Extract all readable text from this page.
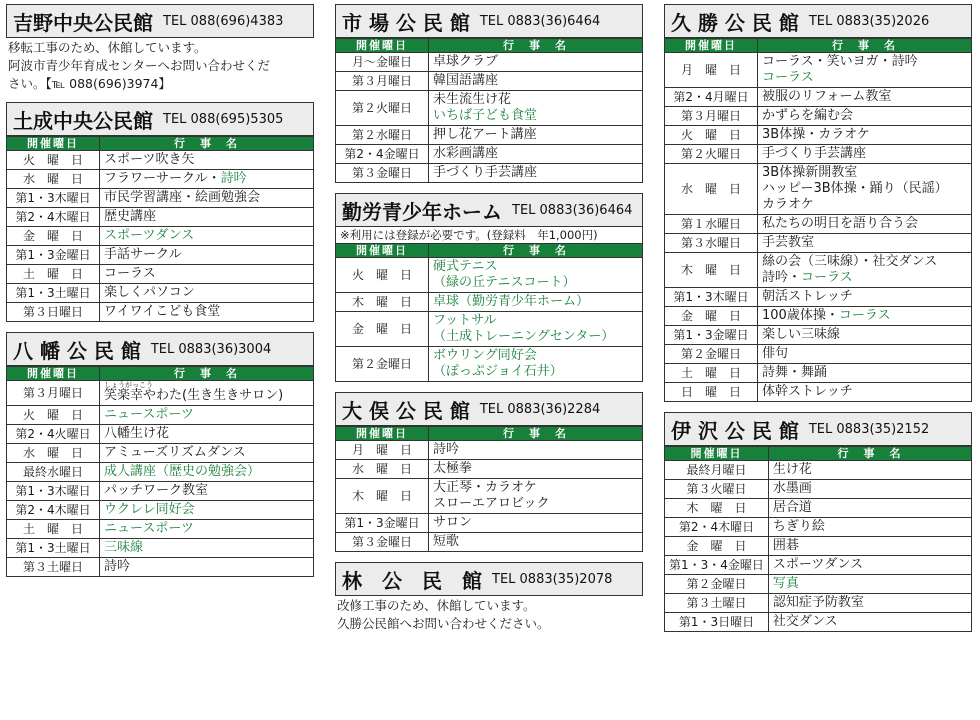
吉野中央公民館 TEL 088(696)4383
移転工事のため、休館しています。
阿波市青少年育成センターへお問い合わせくだ
さい。【℡ 088(696)3974】
土成中央公民館 TEL 088(695)5305
開催曜日	行　事　名
火　曜　日	スポーツ吹き矢

水　曜　日	フラワーサークル・詩吟

第1・3木曜日	市民学習講座・絵画勉強会

第2・4木曜日	歴史講座

金　曜　日	スポーツダンス

第1・3金曜日	手話サークル

土　曜　日	コーラス

第1・3土曜日	楽しくパソコン

第３日曜日	ワイワイこども食堂
八 幡 公 民 館 TEL 0883(36)3004
開催曜日	行　事　名
第３月曜日	しょうがっこう
笑楽幸やわた(生き生きサロン)

火　曜　日	ニュースポーツ

第2・4火曜日	八幡生け花

水　曜　日	アミューズリズムダンス

最終水曜日	成人講座（歴史の勉強会）

第1・3木曜日	パッチワーク教室

第2・4木曜日	ウクレレ同好会

土　曜　日	ニュースポーツ

第1・3土曜日	三味線

第３土曜日	詩吟
市 場 公 民 館 TEL 0883(36)6464
開催曜日	行　事　名
月～金曜日	卓球クラブ

第３月曜日	韓国語講座

第２火曜日	未生流生け花
いちば子ども食堂

第２水曜日	押し花アート講座

第2・4金曜日	水彩画講座

第３金曜日	手づくり手芸講座
勤労青少年ホーム TEL 0883(36)6464
※利用には登録が必要です。(登録料　年1,000円)
開催曜日	行　事　名
火　曜　日	硬式テニス
（緑の丘テニスコート）

木　曜　日	卓球（勤労青少年ホーム）

金　曜　日	フットサル
（土成トレーニングセンター）

第２金曜日	ボウリング同好会
（ぽっぷジョイ石井）
大 俣 公 民 館 TEL 0883(36)2284
開催曜日	行　事　名
月　曜　日	詩吟

水　曜　日	太極拳

木　曜　日	大正琴・カラオケ
スローエアロビック

第1・3金曜日	サロン

第３金曜日	短歌
林　公　民　館 TEL 0883(35)2078
改修工事のため、休館しています。
久勝公民館へお問い合わせください。
久 勝 公 民 館 TEL 0883(35)2026
開催曜日	行　事　名
月　曜　日	コーラス・笑いヨガ・詩吟
コーラス

第2・4月曜日	被服のリフォーム教室

第３月曜日	かずらを編む会

火　曜　日	3B体操・カラオケ

第２火曜日	手づくり手芸講座

水　曜　日	3B体操新開教室
ハッピー3B体操・踊り（民謡）
カラオケ

第１水曜日	私たちの明日を語り合う会

第３水曜日	手芸教室

木　曜　日	絲の会（三味線）・社交ダンス
詩吟・コーラス

第1・3木曜日	朝活ストレッチ

金　曜　日	100歳体操・コーラス

第1・3金曜日	楽しい三味線

第２金曜日	俳句

土　曜　日	詩舞・舞踊

日　曜　日	体幹ストレッチ
伊 沢 公 民 館 TEL 0883(35)2152
開催曜日	行　事　名
最終月曜日	生け花

第３火曜日	水墨画

木　曜　日	居合道

第2・4木曜日	ちぎり絵

金　曜　日	囲碁

第1・3・4金曜日	スポーツダンス

第２金曜日	写真

第３土曜日	認知症予防教室

第1・3日曜日	社交ダンス
